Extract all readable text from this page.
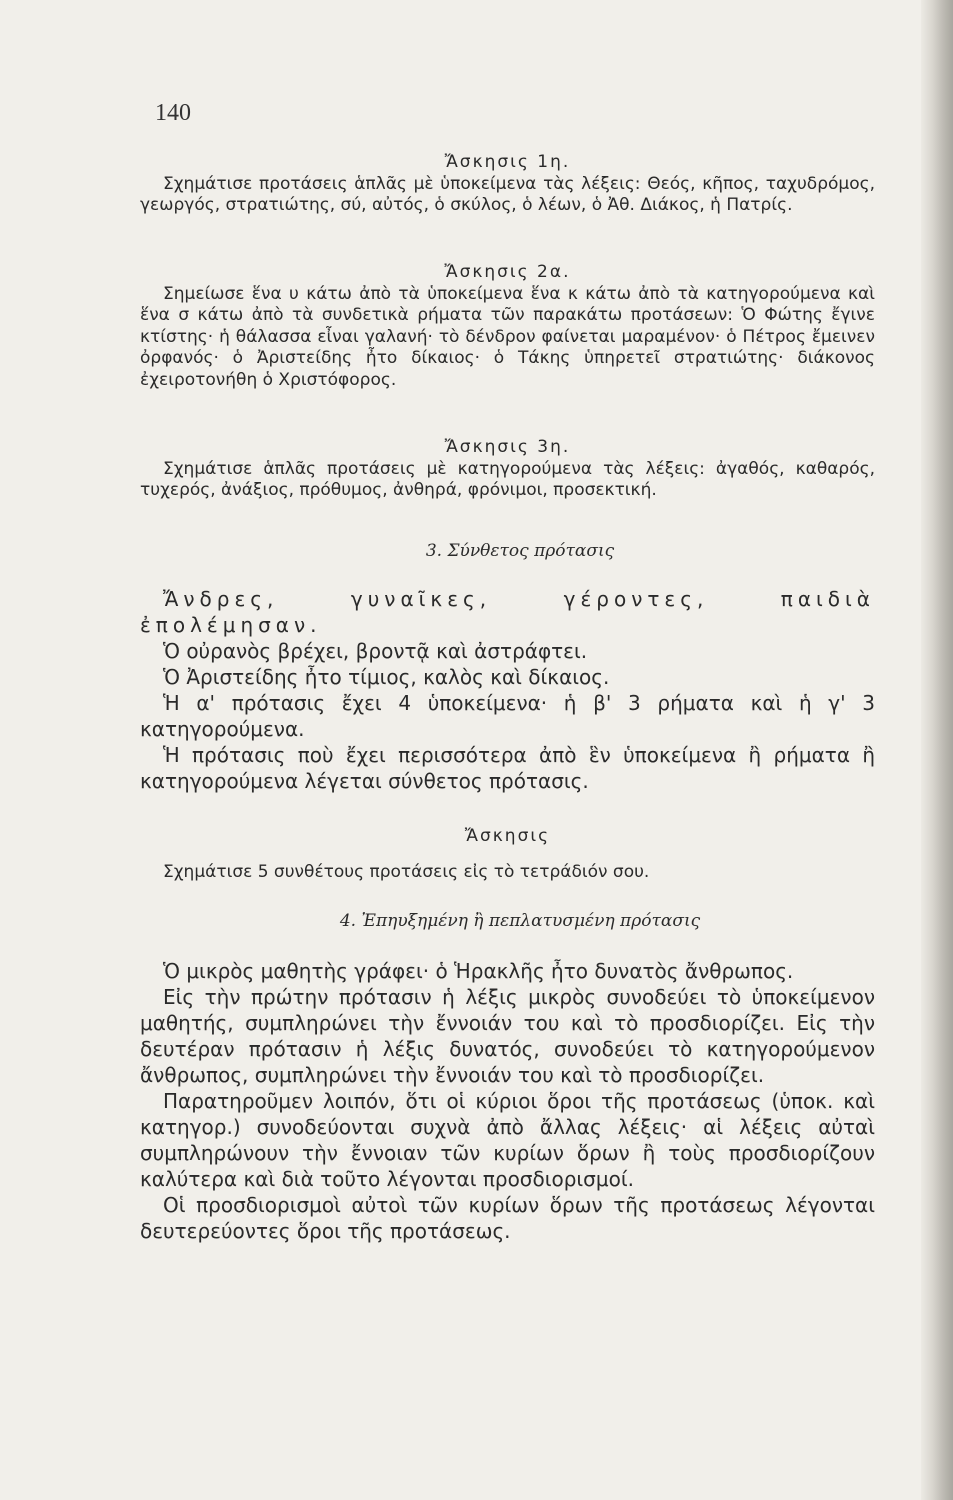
140

Ἄσκησις 1η.

Σχημάτισε προτάσεις ἁπλᾶς μὲ ὑποκείμενα τὰς λέξεις: Θεός, κῆπος, ταχυδρόμος, γεωργός, στρατιώτης, σύ, αὐτός, ὁ σκύλος, ὁ λέων, ὁ Ἀθ. Διάκος, ἡ Πατρίς.

Ἄσκησις 2α.

Σημείωσε ἕνα υ κάτω ἀπὸ τὰ ὑποκείμενα ἕνα κ κάτω ἀπὸ τὰ κατηγορούμενα καὶ ἕνα σ κάτω ἀπὸ τὰ συνδετικὰ ρήματα τῶν παρακάτω προτάσεων: Ὁ Φώτης ἔγινε κτίστης· ἡ θάλασσα εἶναι γαλανή· τὸ δένδρον φαίνεται μαραμένον· ὁ Πέτρος ἔμεινεν ὀρφανός· ὁ Ἀριστείδης ἦτο δίκαιος· ὁ Τάκης ὑπηρετεῖ στρατιώτης· διάκονος ἐχειροτονήθη ὁ Χριστόφορος.

Ἄσκησις 3η.

Σχημάτισε ἁπλᾶς προτάσεις μὲ κατηγορούμενα τὰς λέξεις: ἀγαθός, καθαρός, τυχερός, ἀνάξιος, πρόθυμος, ἀνθηρά, φρόνιμοι, προσεκτική.

3. Σύνθετος πρότασις

Ἄνδρες, γυναῖκες, γέροντες, παιδιὰ ἐπολέμησαν.

Ὁ οὐρανὸς βρέχει, βροντᾷ καὶ ἀστράφτει.

Ὁ Ἀριστείδης ἦτο τίμιος, καλὸς καὶ δίκαιος.

Ἡ α' πρότασις ἔχει 4 ὑποκείμενα· ἡ β' 3 ρήματα καὶ ἡ γ' 3 κατηγορούμενα.

Ἡ πρότασις ποὺ ἔχει περισσότερα ἀπὸ ἓν ὑποκείμενα ἢ ρήματα ἢ κατηγορούμενα λέγεται σύνθετος πρότασις.

Ἄσκησις

Σχημάτισε 5 συνθέτους προτάσεις εἰς τὸ τετράδιόν σου.

4. Ἐπηυξημένη ἢ πεπλατυσμένη πρότασις

Ὁ μικρὸς μαθητὴς γράφει· ὁ Ἡρακλῆς ἦτο δυνατὸς ἄνθρωπος.

Εἰς τὴν πρώτην πρότασιν ἡ λέξις μικρὸς συνοδεύει τὸ ὑποκείμενον μαθητής, συμπληρώνει τὴν ἔννοιάν του καὶ τὸ προσδιορίζει. Εἰς τὴν δευτέραν πρότασιν ἡ λέξις δυνατός, συνοδεύει τὸ κατηγορούμενον ἄνθρωπος, συμπληρώνει τὴν ἔννοιάν του καὶ τὸ προσδιορίζει.

Παρατηροῦμεν λοιπόν, ὅτι οἱ κύριοι ὅροι τῆς προτάσεως (ὑποκ. καὶ κατηγορ.) συνοδεύονται συχνὰ ἀπὸ ἄλλας λέξεις· αἱ λέξεις αὐταὶ συμπληρώνουν τὴν ἔννοιαν τῶν κυρίων ὅρων ἢ τοὺς προσδιορίζουν καλύτερα καὶ διὰ τοῦτο λέγονται προσδιορισμοί.

Οἱ προσδιορισμοὶ αὐτοὶ τῶν κυρίων ὅρων τῆς προτάσεως λέγονται δευτερεύοντες ὅροι τῆς προτάσεως.
